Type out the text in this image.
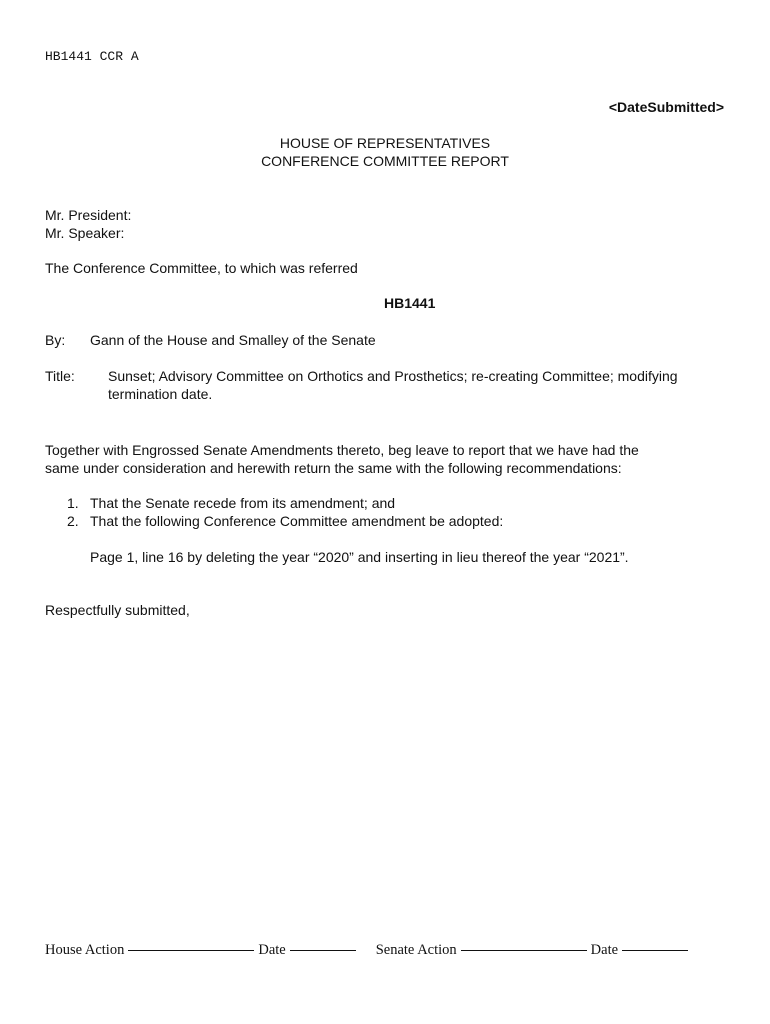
HB1441 CCR A
<DateSubmitted>
HOUSE OF REPRESENTATIVES
CONFERENCE COMMITTEE REPORT
Mr. President:
Mr. Speaker:
The Conference Committee, to which was referred
HB1441
By: Gann of the House and Smalley of the Senate
Title: Sunset; Advisory Committee on Orthotics and Prosthetics; re-creating Committee; modifying
termination date.
Together with Engrossed Senate Amendments thereto, beg leave to report that we have had the
same under consideration and herewith return the same with the following recommendations:
1. That the Senate recede from its amendment; and
2. That the following Conference Committee amendment be adopted:
Page 1, line 16 by deleting the year “2020” and inserting in lieu thereof the year “2021”.
Respectfully submitted,
House Action	Date	Senate Action	Date
